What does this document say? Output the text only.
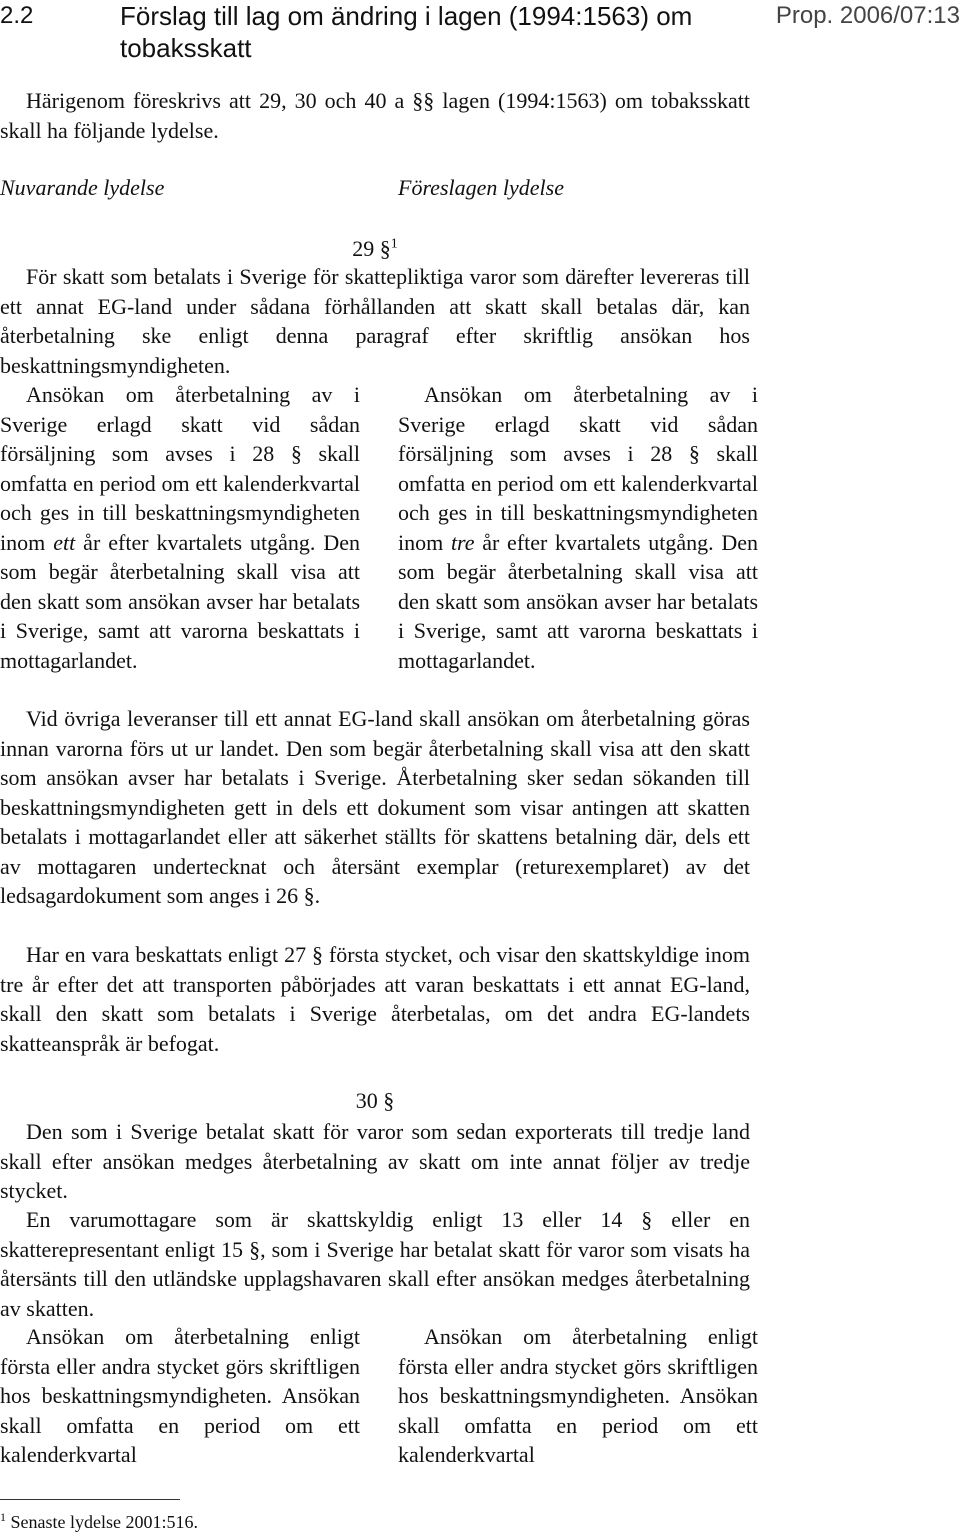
2.2	Förslag till lag om ändring i lagen (1994:1563) om tobaksskatt
Prop. 2006/07:13

Härigenom föreskrivs att 29, 30 och 40 a §§ lagen (1994:1563) om tobaksskatt skall ha följande lydelse.

Nuvarande lydelse	Föreslagen lydelse
29 §$^1$

För skatt som betalats i Sverige för skattepliktiga varor som därefter levereras till ett annat EG-land under sådana förhållanden att skatt skall betalas där, kan återbetalning ske enligt denna paragraf efter skriftlig ansökan hos beskattningsmyndigheten.

Ansökan om återbetalning av i Sverige erlagd skatt vid sådan försäljning som avses i 28 § skall omfatta en period om ett kalenderkvartal och ges in till beskattningsmyndigheten inom ett år efter kvartalets utgång. Den som begär återbetalning skall visa att den skatt som ansökan avser har betalats i Sverige, samt att varorna beskattats i mottagarlandet.

Ansökan om återbetalning av i Sverige erlagd skatt vid sådan försäljning som avses i 28 § skall omfatta en period om ett kalenderkvartal och ges in till beskattningsmyndigheten inom tre år efter kvartalets utgång. Den som begär återbetalning skall visa att den skatt som ansökan avser har betalats i Sverige, samt att varorna beskattats i mottagarlandet.

Vid övriga leveranser till ett annat EG-land skall ansökan om återbetalning göras innan varorna förs ut ur landet. Den som begär återbetalning skall visa att den skatt som ansökan avser har betalats i Sverige. Återbetalning sker sedan sökanden till beskattningsmyndigheten gett in dels ett dokument som visar antingen att skatten betalats i mottagarlandet eller att säkerhet ställts för skattens betalning där, dels ett av mottagaren undertecknat och återsänt exemplar (returexemplaret) av det ledsagardokument som anges i 26 §.

Har en vara beskattats enligt 27 § första stycket, och visar den skattskyldige inom tre år efter det att transporten påbörjades att varan beskattats i ett annat EG-land, skall den skatt som betalats i Sverige återbetalas, om det andra EG-landets skatteanspråk är befogat.

30 §

Den som i Sverige betalat skatt för varor som sedan exporterats till tredje land skall efter ansökan medges återbetalning av skatt om inte annat följer av tredje stycket.

En varumottagare som är skattskyldig enligt 13 eller 14 § eller en skatterepresentant enligt 15 §, som i Sverige har betalat skatt för varor som visats ha återsänts till den utländske upplagshavaren skall efter ansökan medges återbetalning av skatten.

Ansökan om återbetalning enligt första eller andra stycket görs skriftligen hos beskattningsmyndigheten. Ansökan skall omfatta en period om ett kalenderkvartal

Ansökan om återbetalning enligt första eller andra stycket görs skriftligen hos beskattningsmyndigheten. Ansökan skall omfatta en period om ett kalenderkvartal

$^1$ Senaste lydelse 2001:516.
